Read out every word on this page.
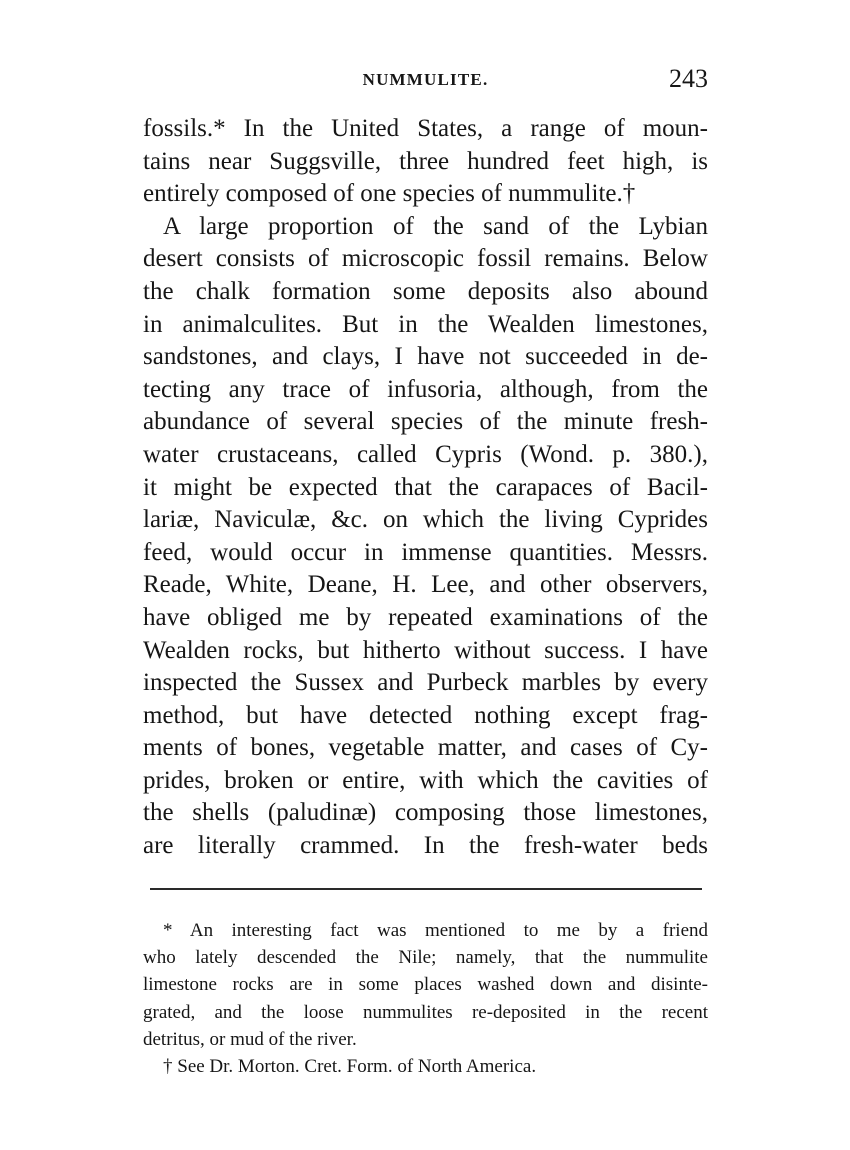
NUMMULITE.	243
fossils.* In the United States, a range of moun-
tains near Suggsville, three hundred feet high, is
entirely composed of one species of nummulite.†
A large proportion of the sand of the Lybian
desert consists of microscopic fossil remains. Below
the chalk formation some deposits also abound
in animalculites. But in the Wealden limestones,
sandstones, and clays, I have not succeeded in de-
tecting any trace of infusoria, although, from the
abundance of several species of the minute fresh-
water crustaceans, called Cypris (Wond. p. 380.),
it might be expected that the carapaces of Bacil-
lariæ, Naviculæ, &c. on which the living Cyprides
feed, would occur in immense quantities. Messrs.
Reade, White, Deane, H. Lee, and other observers,
have obliged me by repeated examinations of the
Wealden rocks, but hitherto without success. I have
inspected the Sussex and Purbeck marbles by every
method, but have detected nothing except frag-
ments of bones, vegetable matter, and cases of Cy-
prides, broken or entire, with which the cavities of
the shells (paludinæ) composing those limestones,
are literally crammed. In the fresh-water beds
* An interesting fact was mentioned to me by a friend
who lately descended the Nile; namely, that the nummulite
limestone rocks are in some places washed down and disinte-
grated, and the loose nummulites re-deposited in the recent
detritus, or mud of the river.
† See Dr. Morton. Cret. Form. of North America.
